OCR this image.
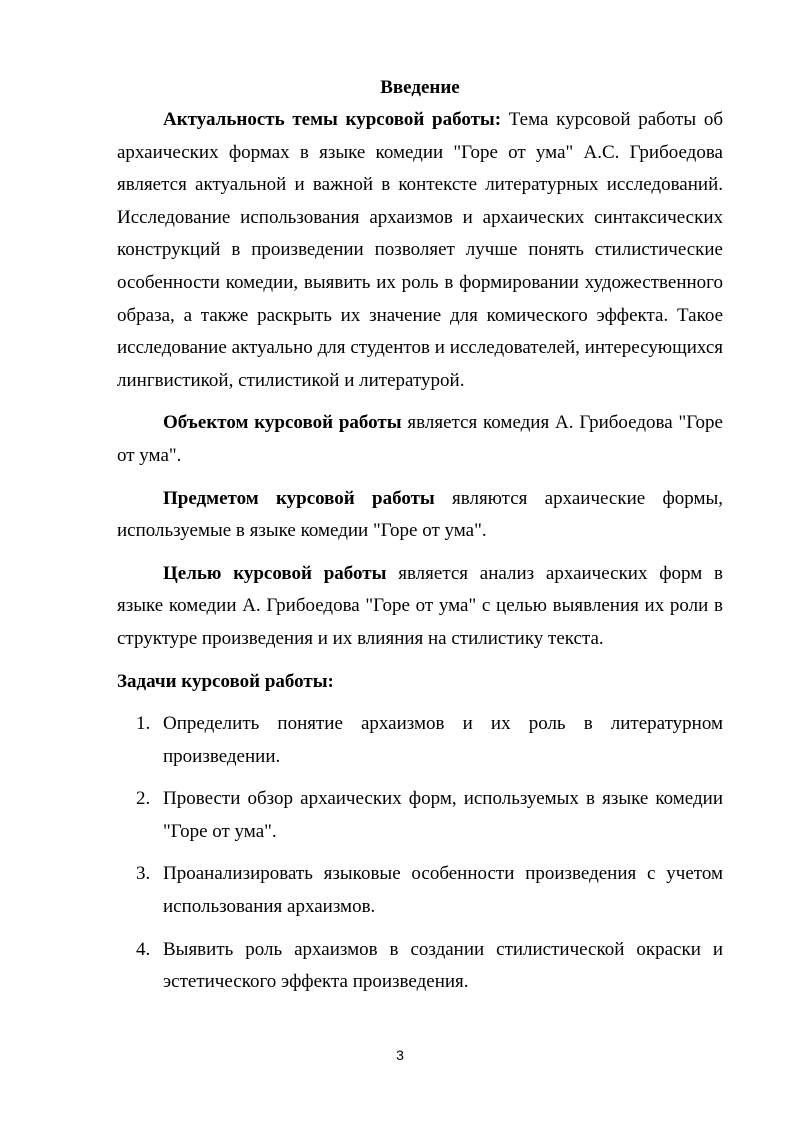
Введение

Актуальность темы курсовой работы: Тема курсовой работы об архаических формах в языке комедии "Горе от ума" А.С. Грибоедова является актуальной и важной в контексте литературных исследований. Исследование использования архаизмов и архаических синтаксических конструкций в произведении позволяет лучше понять стилистические особенности комедии, выявить их роль в формировании художественного образа, а также раскрыть их значение для комического эффекта. Такое исследование актуально для студентов и исследователей, интересующихся лингвистикой, стилистикой и литературой.

Объектом курсовой работы является комедия А. Грибоедова "Горе от ума".

Предметом курсовой работы являются архаические формы, используемые в языке комедии "Горе от ума".

Целью курсовой работы является анализ архаических форм в языке комедии А. Грибоедова "Горе от ума" с целью выявления их роли в структуре произведения и их влияния на стилистику текста.

Задачи курсовой работы:
1. Определить понятие архаизмов и их роль в литературном произведении.
2. Провести обзор архаических форм, используемых в языке комедии "Горе от ума".
3. Проанализировать языковые особенности произведения с учетом использования архаизмов.
4. Выявить роль архаизмов в создании стилистической окраски и эстетического эффекта произведения.
3
